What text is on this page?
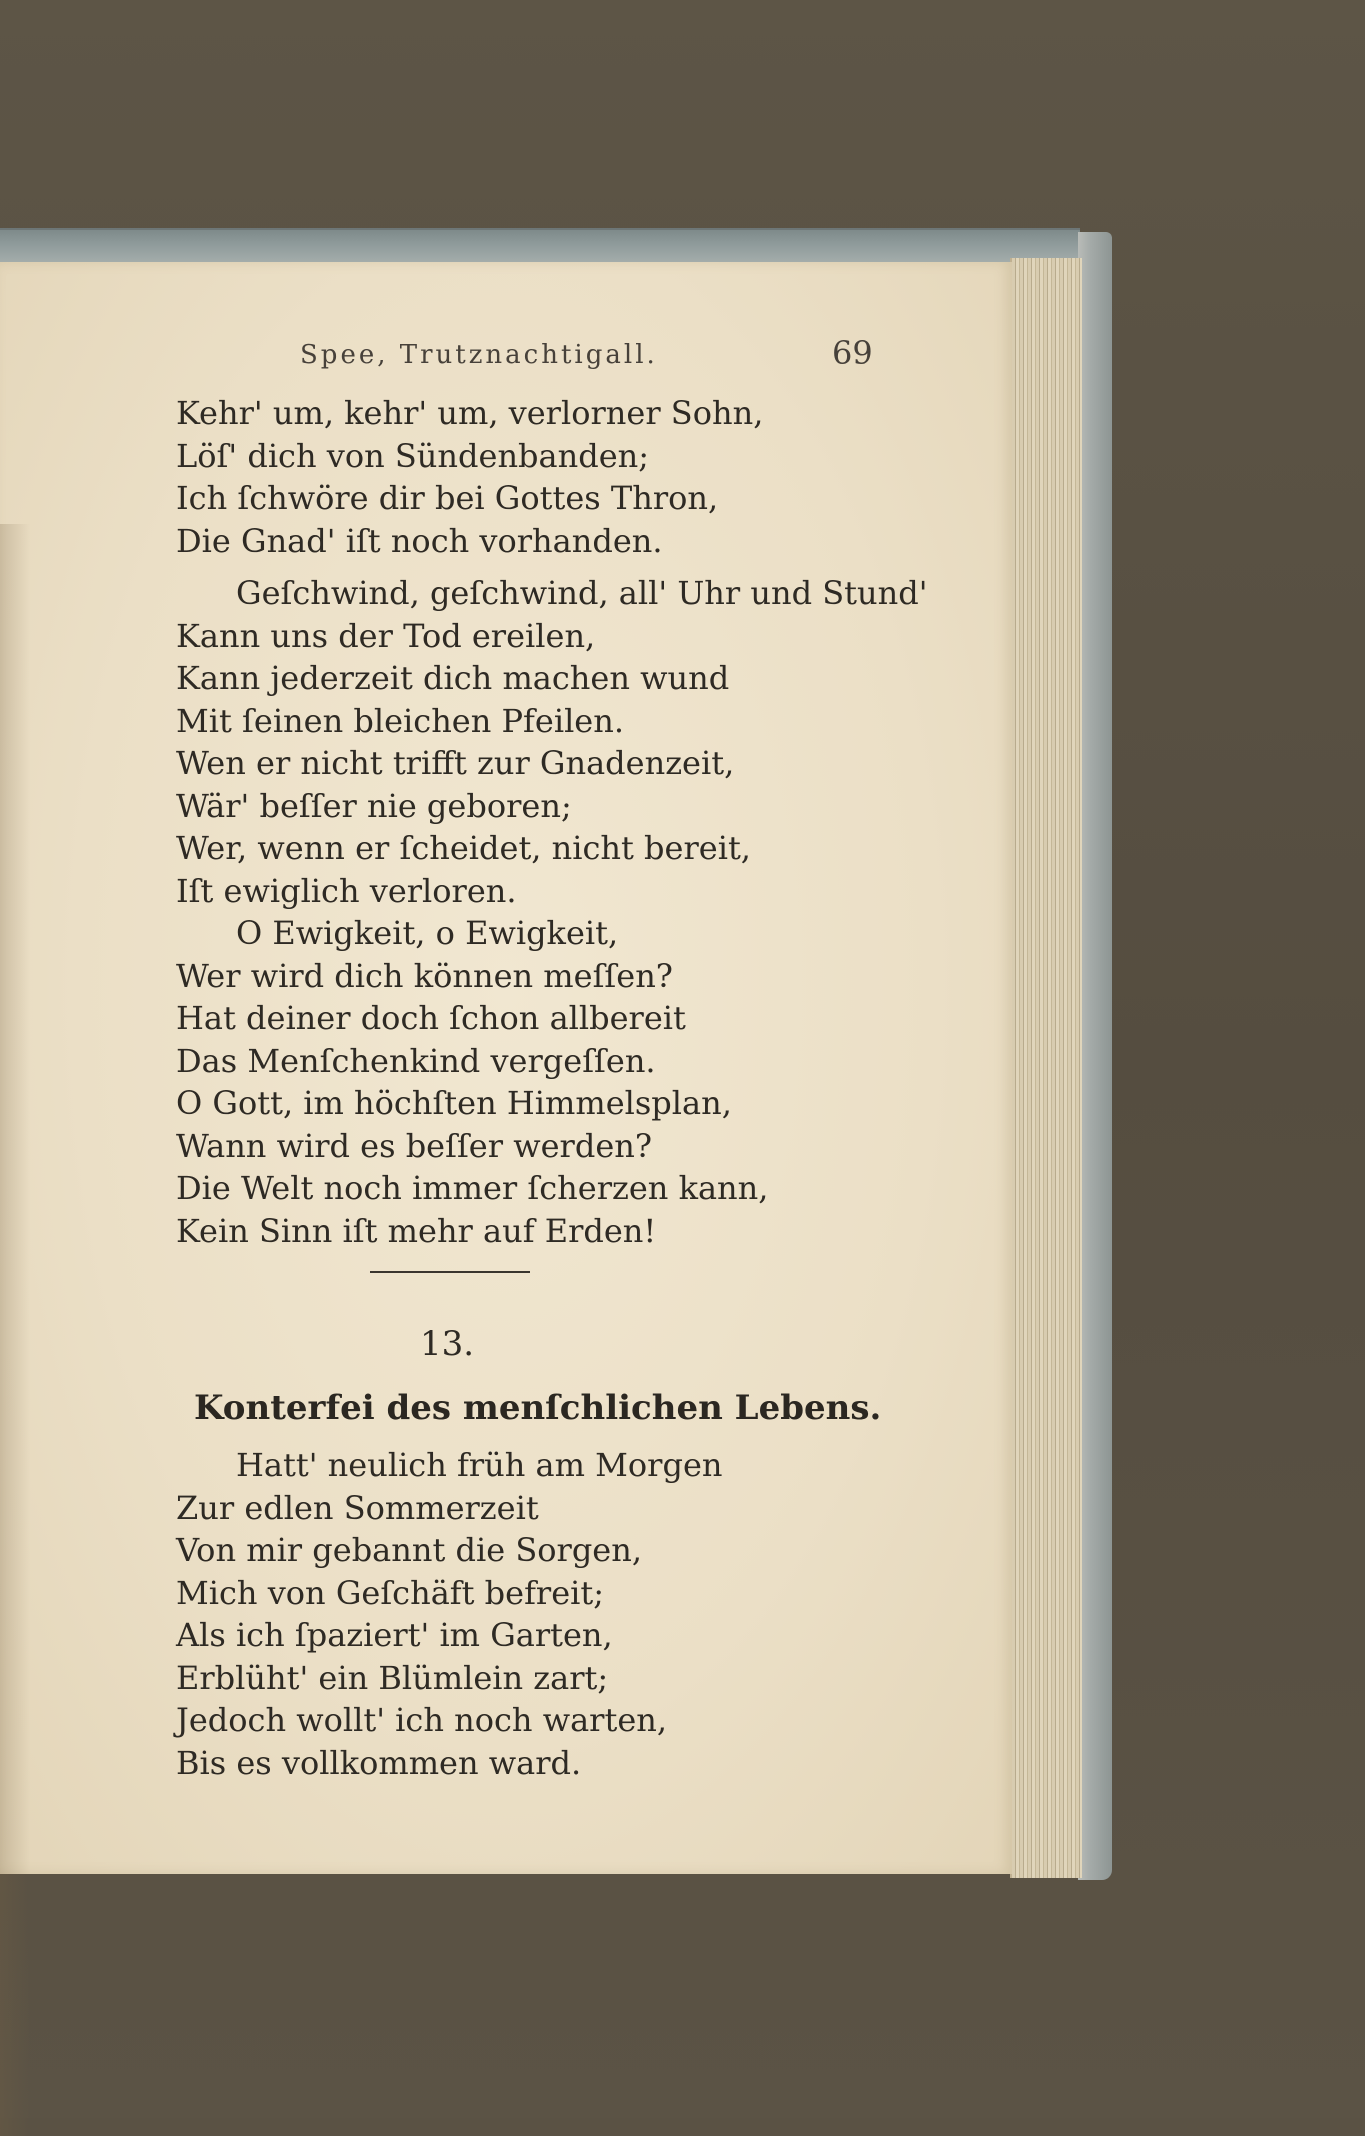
Spee, Trutznachtigall.	69
Kehr' um, kehr' um, verlorner Sohn,
Löſ' dich von Sündenbanden;
Ich ſchwöre dir bei Gottes Thron,
Die Gnad' iſt noch vorhanden.
Geſchwind, geſchwind, all' Uhr und Stund'
Kann uns der Tod ereilen,
Kann jederzeit dich machen wund
Mit ſeinen bleichen Pfeilen.
Wen er nicht trifft zur Gnadenzeit,
Wär' beſſer nie geboren;
Wer, wenn er ſcheidet, nicht bereit,
Iſt ewiglich verloren.
O Ewigkeit, o Ewigkeit,
Wer wird dich können meſſen?
Hat deiner doch ſchon allbereit
Das Menſchenkind vergeſſen.
O Gott, im höchſten Himmelsplan,
Wann wird es beſſer werden?
Die Welt noch immer ſcherzen kann,
Kein Sinn iſt mehr auf Erden!
13.
Konterfei des menſchlichen Lebens.
Hatt' neulich früh am Morgen
Zur edlen Sommerzeit
Von mir gebannt die Sorgen,
Mich von Geſchäft befreit;
Als ich ſpaziert' im Garten,
Erblüht' ein Blümlein zart;
Jedoch wollt' ich noch warten,
Bis es vollkommen ward.
